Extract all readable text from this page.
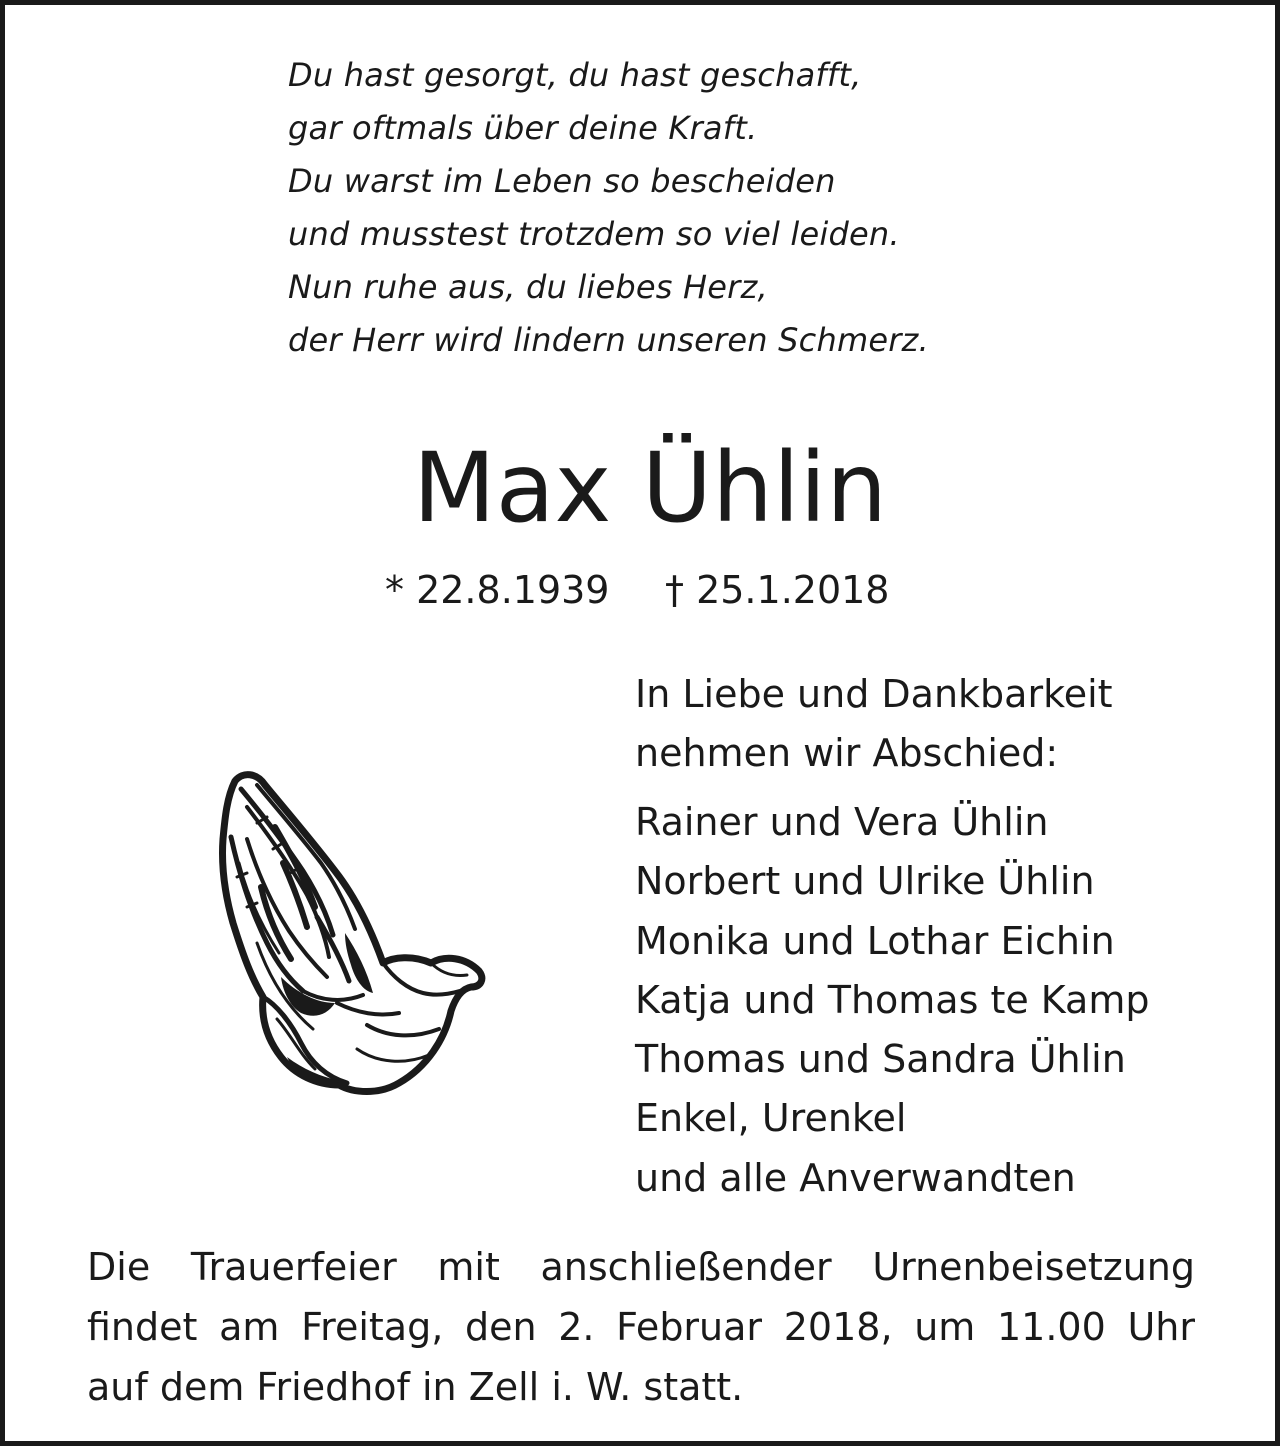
Du hast gesorgt, du hast geschafft,
gar oftmals über deine Kraft.
Du warst im Leben so bescheiden
und musstest trotzdem so viel leiden.
Nun ruhe aus, du liebes Herz,
der Herr wird lindern unseren Schmerz.
Max Ühlin
* 22.8.1939 † 25.1.2018
In Liebe und Dankbarkeit
nehmen wir Abschied:
Rainer und Vera Ühlin
Norbert und Ulrike Ühlin
Monika und Lothar Eichin
Katja und Thomas te Kamp
Thomas und Sandra Ühlin
Enkel, Urenkel
und alle Anverwandten
Die Trauerfeier mit anschließender Urnenbeisetzung
findet am Freitag, den 2. Februar 2018, um 11.00 Uhr
auf dem Friedhof in Zell i. W. statt.
